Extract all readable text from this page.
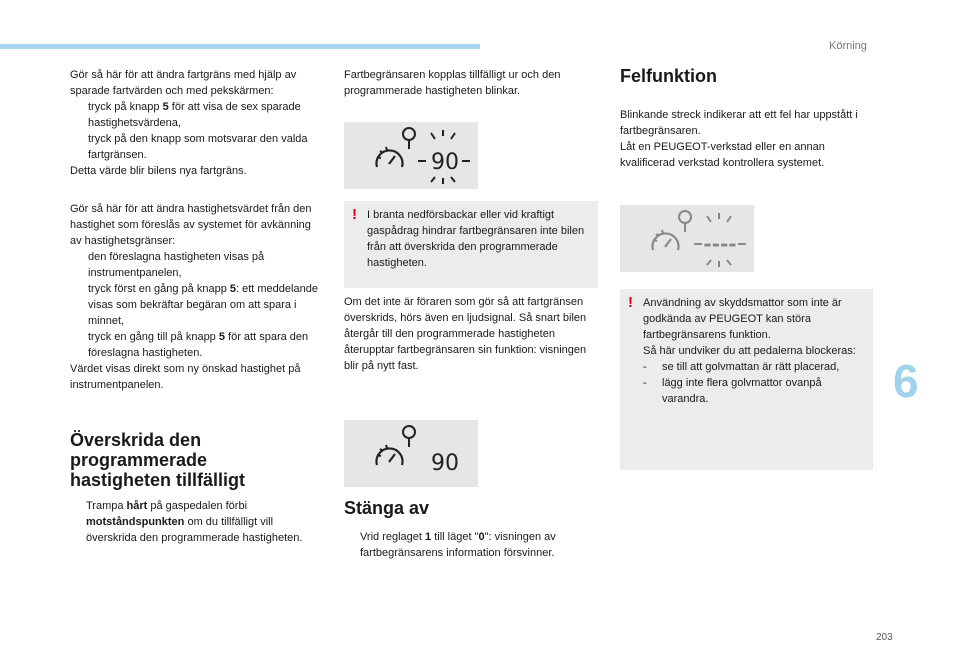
Körning
6
203

Gör så här för att ändra fartgräns med hjälp av sparade fartvärden och med pekskärmen:

tryck på knapp 5 för att visa de sex sparade hastighetsvärdena,

tryck på den knapp som motsvarar den valda fartgränsen.

Detta värde blir bilens nya fartgräns.

Gör så här för att ändra hastighetsvärdet från den hastighet som föreslås av systemet för avkänning av hastighetsgränser:

den föreslagna hastigheten visas på instrumentpanelen,

tryck först en gång på knapp 5: ett meddelande visas som bekräftar begäran om att spara i minnet,

tryck en gång till på knapp 5 för att spara den föreslagna hastigheten.

Värdet visas direkt som ny önskad hastighet på instrumentpanelen.

Överskrida den programmerade hastigheten tillfälligt

Trampa hårt på gaspedalen förbi motståndspunkten om du tillfälligt vill överskrida den programmerade hastigheten.

Fartbegränsaren kopplas tillfälligt ur och den programmerade hastigheten blinkar.

90
! I branta nedförsbackar eller vid kraftigt gaspådrag hindrar fartbegränsaren inte bilen från att överskrida den programmerade hastigheten.

Om det inte är föraren som gör så att fartgränsen överskrids, hörs även en ljudsignal. Så snart bilen återgår till den programmerade hastigheten återupptar fartbegränsaren sin funktion: visningen blir på nytt fast.

90
Stänga av

Vrid reglaget 1 till läget "0": visningen av fartbegränsarens information försvinner.

Felfunktion

Blinkande streck indikerar att ett fel har uppstått i fartbegränsaren.

Låt en PEUGEOT-verkstad eller en annan kvalificerad verkstad kontrollera systemet.

----
! Användning av skyddsmattor som inte är godkända av PEUGEOT kan störa fartbegränsarens funktion.

Så här undviker du att pedalerna blockeras:

- se till att golvmattan är rätt placerad,

- lägg inte flera golvmattor ovanpå varandra.
